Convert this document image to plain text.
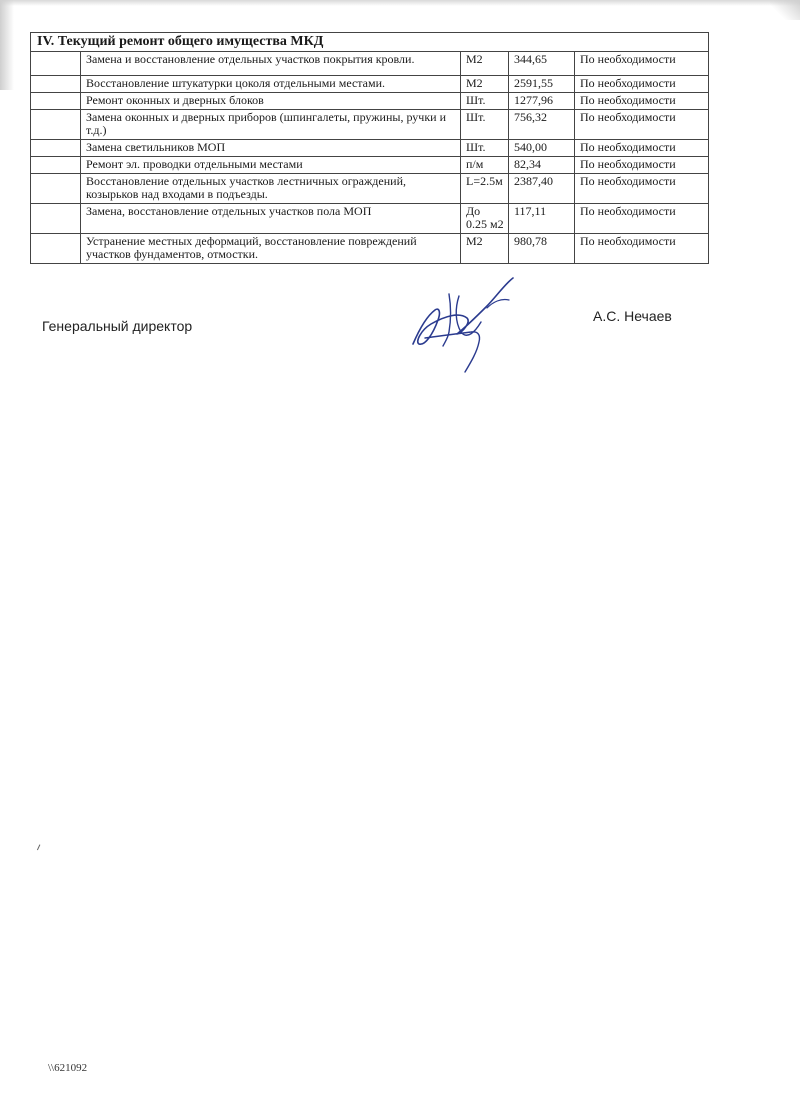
IV. Текущий ремонт общего имущества МКД				
	Замена и восстановление отдельных участков покрытия кровли.	М2	344,65	По необходимости
	Восстановление штукатурки цоколя отдельными местами.	М2	2591,55	По необходимости
	Ремонт оконных и дверных блоков	Шт.	1277,96	По необходимости
	Замена оконных и дверных приборов (шпингалеты, пружины, ручки и т.д.)	Шт.	756,32	По необходимости
	Замена светильников МОП	Шт.	540,00	По необходимости
	Ремонт эл. проводки отдельными местами	п/м	82,34	По необходимости
	Восстановление отдельных участков лестничных ограждений, козырьков над входами в подъезды.	L=2.5м	2387,40	По необходимости
	Замена, восстановление отдельных участков пола МОП	До 0.25 м2	117,11	По необходимости
	Устранение местных деформаций, восстановление повреждений участков фундаментов, отмостки.	М2	980,78	По необходимости
Генеральный директор
А.С. Нечаев
\\621092
